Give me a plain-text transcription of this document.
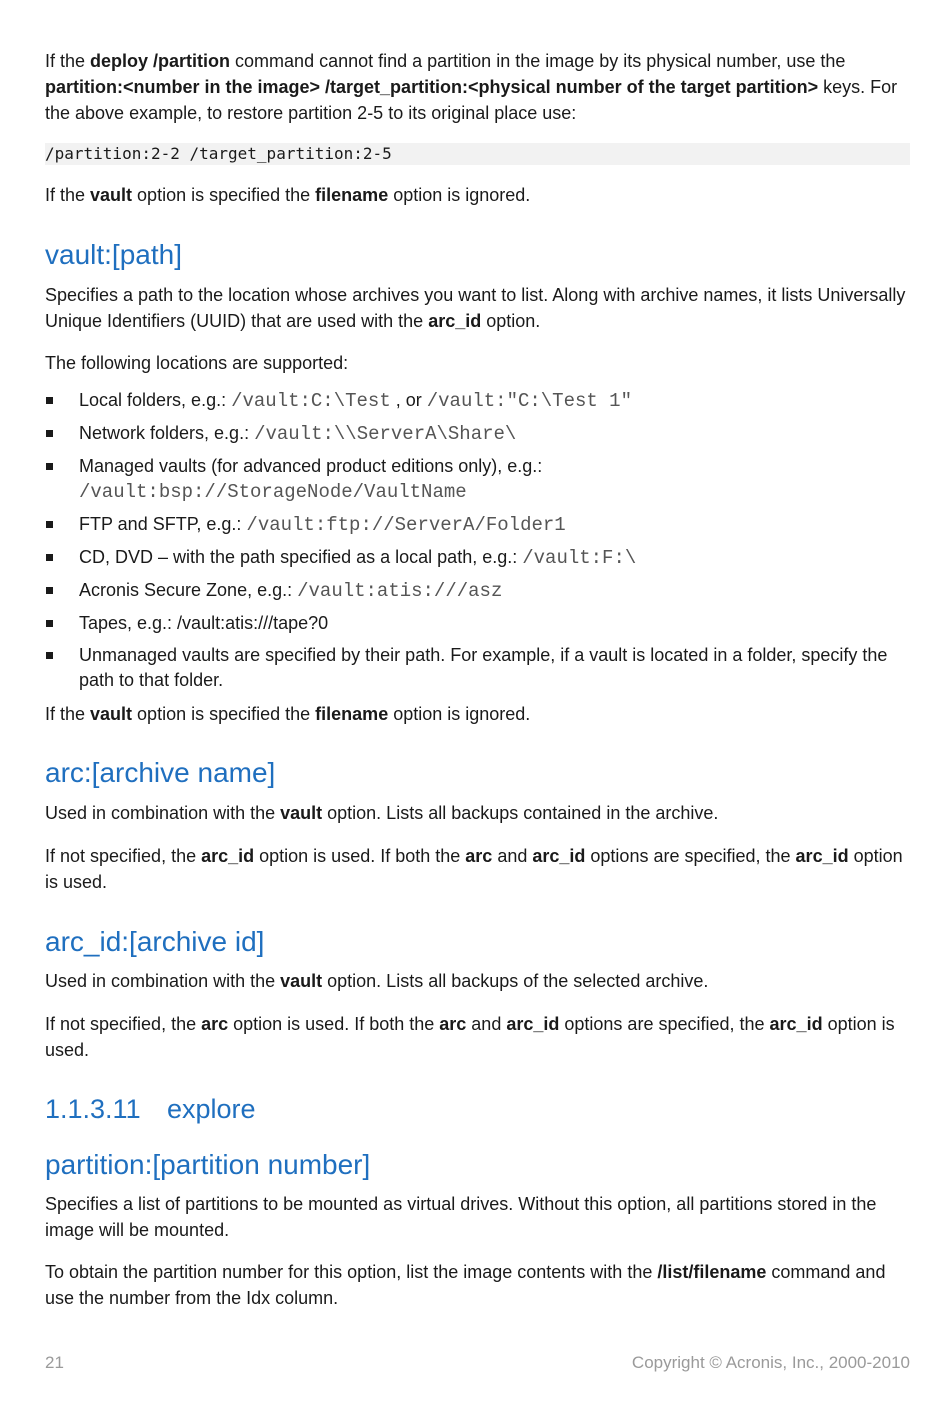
If the deploy /partition command cannot find a partition in the image by its physical number, use the partition:<number in the image> /target_partition:<physical number of the target partition> keys. For the above example, to restore partition 2-5 to its original place use:

/partition:2-2 /target_partition:2-5

If the vault option is specified the filename option is ignored.

vault:[path]

Specifies a path to the location whose archives you want to list. Along with archive names, it lists Universally Unique Identifiers (UUID) that are used with the arc_id option.

The following locations are supported:

Local folders, e.g.: /vault:C:\Test , or /vault:"C:\Test 1"
Network folders, e.g.: /vault:\\ServerA\Share\
Managed vaults (for advanced product editions only), e.g.:
/vault:bsp://StorageNode/VaultName
FTP and SFTP, e.g.: /vault:ftp://ServerA/Folder1
CD, DVD – with the path specified as a local path, e.g.: /vault:F:\
Acronis Secure Zone, e.g.: /vault:atis:///asz
Tapes, e.g.: /vault:atis:///tape?0
Unmanaged vaults are specified by their path. For example, if a vault is located in a folder, specify the path to that folder.

If the vault option is specified the filename option is ignored.

arc:[archive name]

Used in combination with the vault option. Lists all backups contained in the archive.

If not specified, the arc_id option is used. If both the arc and arc_id options are specified, the arc_id option is used.

arc_id:[archive id]

Used in combination with the vault option. Lists all backups of the selected archive.

If not specified, the arc option is used. If both the arc and arc_id options are specified, the arc_id option is used.

1.1.3.11 explore
partition:[partition number]

Specifies a list of partitions to be mounted as virtual drives. Without this option, all partitions stored in the image will be mounted.

To obtain the partition number for this option, list the image contents with the /list/filename command and use the number from the Idx column.

21	Copyright © Acronis, Inc., 2000-2010
